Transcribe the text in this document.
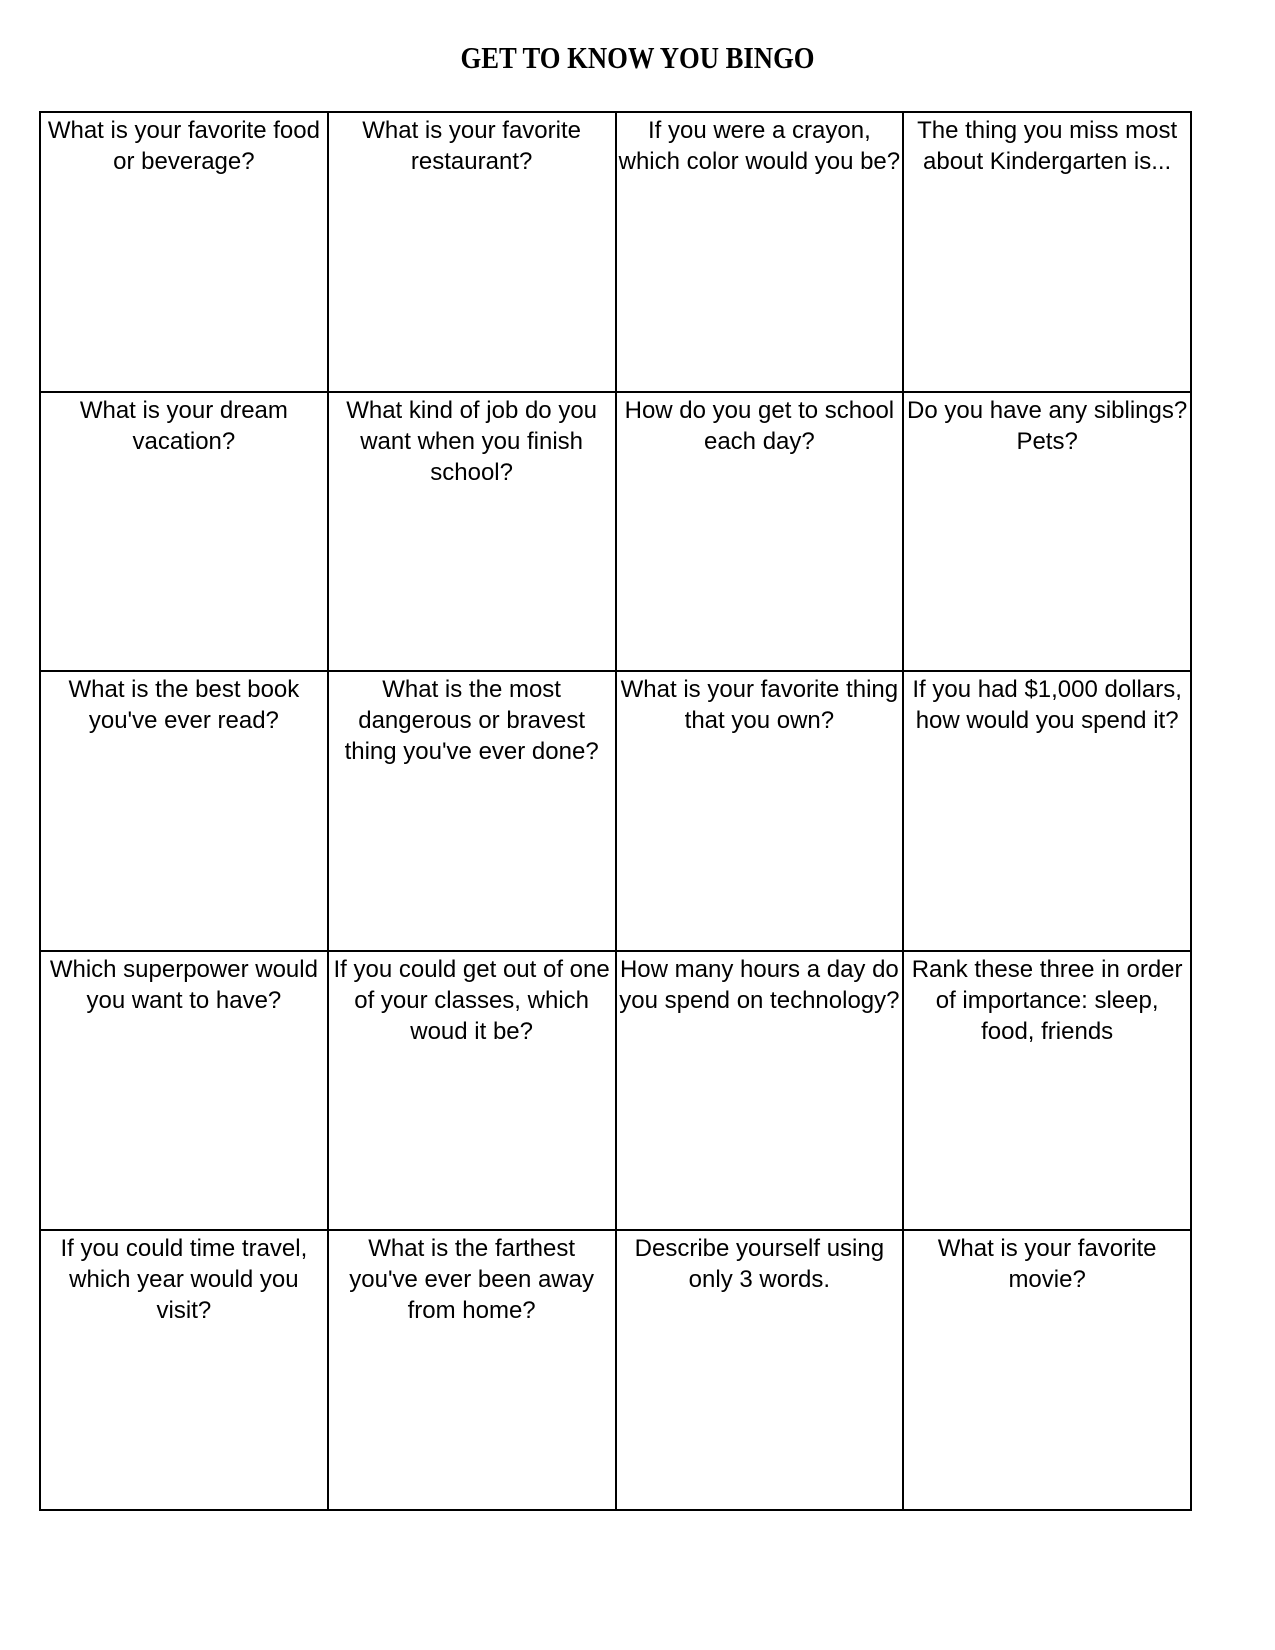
GET TO KNOW YOU BINGO
What is your favorite food or beverage?	What is your favorite restaurant?	If you were a crayon, which color would you be?	The thing you miss most about Kindergarten is...
What is your dream vacation?	What kind of job do you want when you finish school?	How do you get to school each day?	Do you have any siblings? Pets?
What is the best book you've ever read?	What is the most dangerous or bravest thing you've ever done?	What is your favorite thing that you own?	If you had $1,000 dollars, how would you spend it?
Which superpower would you want to have?	If you could get out of one of your classes, which woud it be?	How many hours a day do you spend on technology?	Rank these three in order of importance: sleep, food, friends
If you could time travel, which year would you visit?	What is the farthest you've ever been away from home?	Describe yourself using only 3 words.	What is your favorite movie?
